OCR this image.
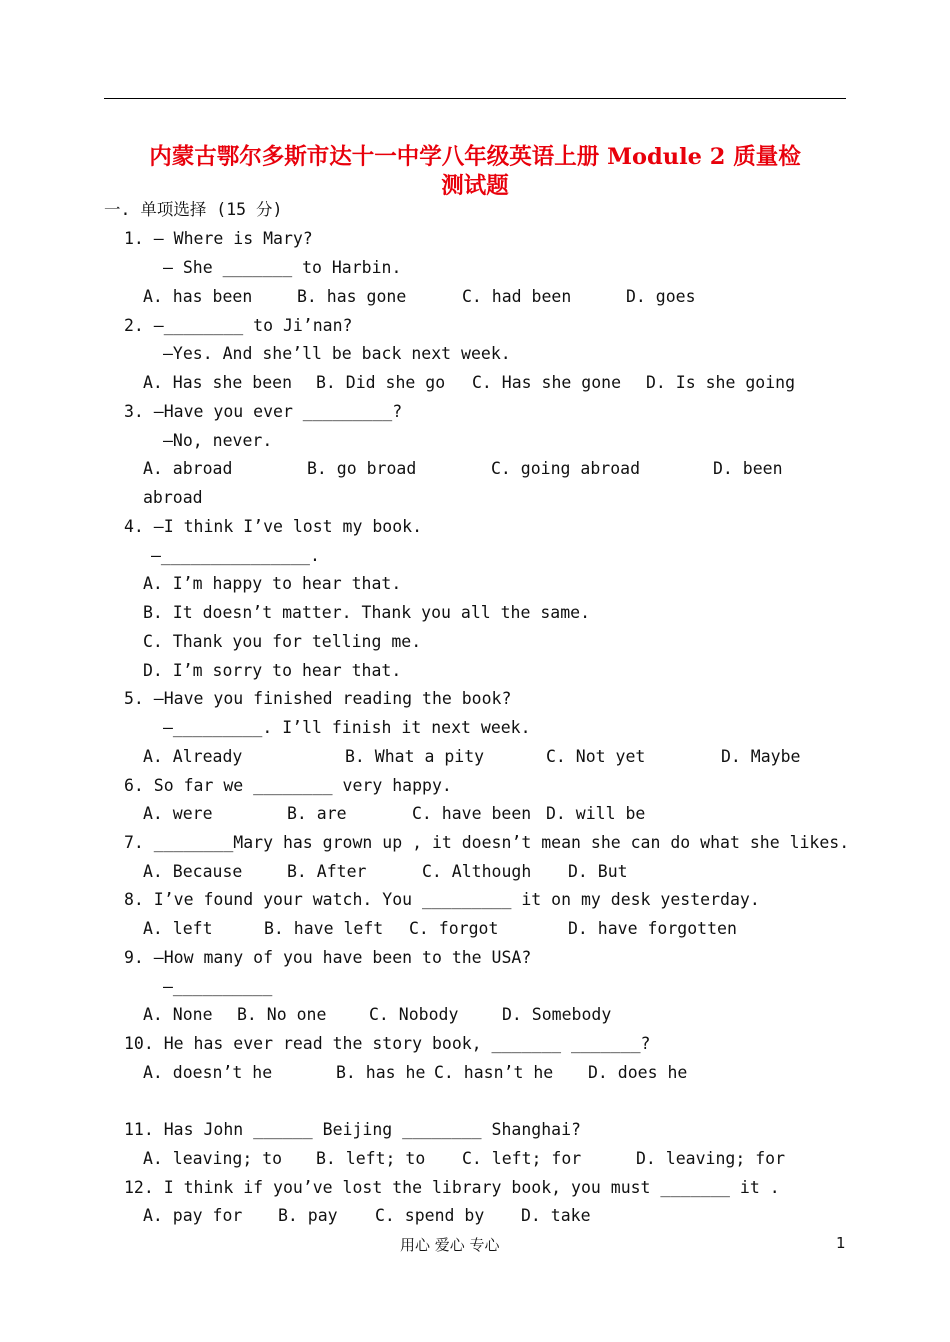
内蒙古鄂尔多斯市达十一中学八年级英语上册 Module 2 质量检
测试题
一. 单项选择 (15 分)
1. — Where is Mary?
— She _______ to Harbin.
A. has been	B. has gone	C. had been	D. goes
2. —________ to Ji’nan?
—Yes. And she’ll be back next week.
A. Has she been B. Did she go C. Has she gone D. Is she going
3. —Have you ever _________?
—No, never.
A. abroad	B. go broad	C. going abroad	D. been
abroad
4. —I think I’ve lost my book.
—_______________.
A. I’m happy to hear that.
B. It doesn’t matter. Thank you all the same.
C. Thank you for telling me.
D. I’m sorry to hear that.
5. —Have you finished reading the book?
—_________. I’ll finish it next week.
A. Already	B. What a pity	C. Not yet	D. Maybe
6. So far we ________ very happy.
A. were	B. are	C. have been D. will be
7. ________Mary has grown up , it doesn’t mean she can do what she likes.
A. Because	B. After	C. Although D. But
8. I’ve found your watch. You _________ it on my desk yesterday.
A. left	B. have left C. forgot	D. have forgotten
9. —How many of you have been to the USA?
—__________
A. None B. No one	C. Nobody	D. Somebody
10. He has ever read the story book, _______ _______?
A. doesn’t he	B. has he C. hasn’t he D. does he
11. Has John ______ Beijing ________ Shanghai?
A. leaving; to B. left; to C. left; for	D. leaving; for
12. I think if you’ve lost the library book, you must _______ it .
A. pay for B. pay C. spend by D. take
用心 爱心 专心	1
